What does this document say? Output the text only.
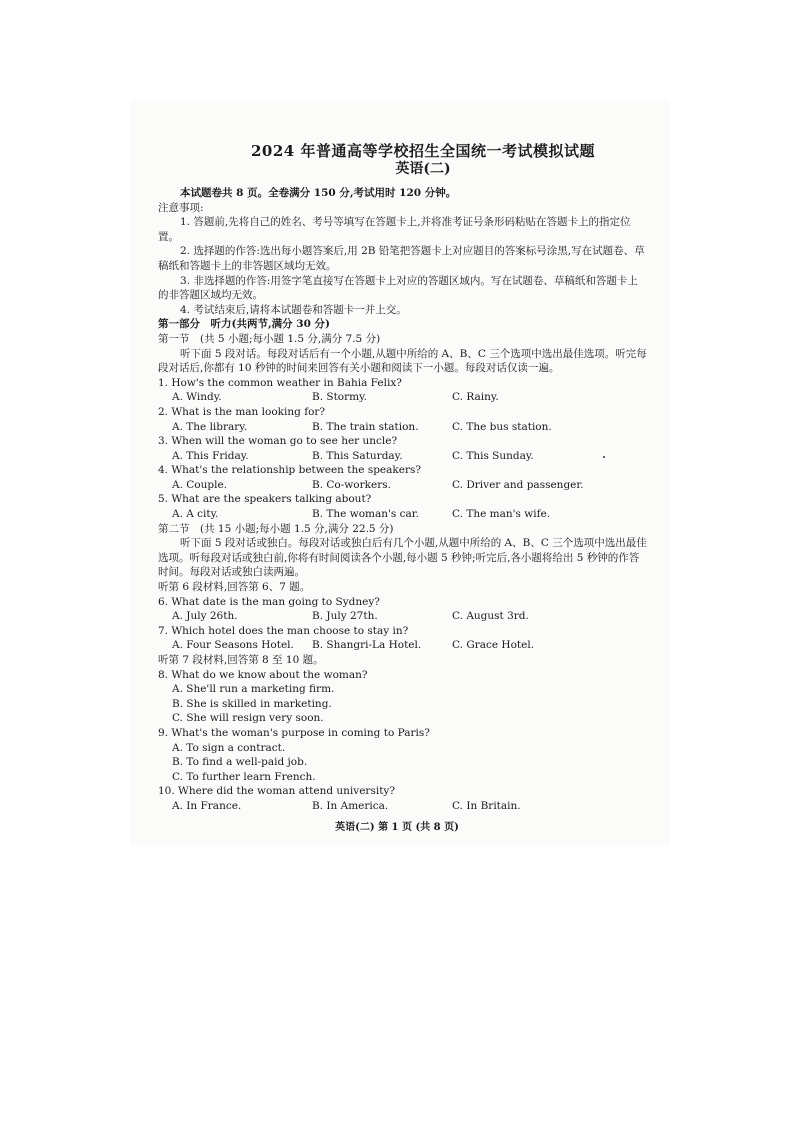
2024 年普通高等学校招生全国统一考试模拟试题
英语(二)

本试题卷共 8 页。全卷满分 150 分,考试用时 120 分钟。

注意事项:

1. 答题前,先将自己的姓名、考号等填写在答题卡上,并将准考证号条形码粘贴在答题卡上的指定位置。

2. 选择题的作答:选出每小题答案后,用 2B 铅笔把答题卡上对应题目的答案标号涂黑,写在试题卷、草稿纸和答题卡上的非答题区域均无效。

3. 非选择题的作答:用签字笔直接写在答题卡上对应的答题区域内。写在试题卷、草稿纸和答题卡上的非答题区域均无效。

4. 考试结束后,请将本试题卷和答题卡一并上交。

第一部分　听力(共两节,满分 30 分)

第一节　(共 5 小题;每小题 1.5 分,满分 7.5 分)

听下面 5 段对话。每段对话后有一个小题,从题中所给的 A、B、C 三个选项中选出最佳选项。听完每段对话后,你都有 10 秒钟的时间来回答有关小题和阅读下一小题。每段对话仅读一遍。

1. How's the common weather in Bahia Felix?

A. Windy.	B. Stormy.	C. Rainy.

2. What is the man looking for?

A. The library.	B. The train station.	C. The bus station.

3. When will the woman go to see her uncle?

A. This Friday.	B. This Saturday.	C. This Sunday.

4. What's the relationship between the speakers?

A. Couple.	B. Co-workers.	C. Driver and passenger.

5. What are the speakers talking about?

A. A city.	B. The woman's car.	C. The man's wife.

第二节　(共 15 小题;每小题 1.5 分,满分 22.5 分)

听下面 5 段对话或独白。每段对话或独白后有几个小题,从题中所给的 A、B、C 三个选项中选出最佳选项。听每段对话或独白前,你将有时间阅读各个小题,每小题 5 秒钟;听完后,各小题将给出 5 秒钟的作答时间。每段对话或独白读两遍。

听第 6 段材料,回答第 6、7 题。

6. What date is the man going to Sydney?

A. July 26th.	B. July 27th.	C. August 3rd.

7. Which hotel does the man choose to stay in?

A. Four Seasons Hotel.	B. Shangri-La Hotel.	C. Grace Hotel.

听第 7 段材料,回答第 8 至 10 题。

8. What do we know about the woman?

A. She'll run a marketing firm.
B. She is skilled in marketing.
C. She will resign very soon.

9. What's the woman's purpose in coming to Paris?

A. To sign a contract.
B. To find a well-paid job.
C. To further learn French.

10. Where did the woman attend university?

A. In France.	B. In America.	C. In Britain.
英语(二) 第 1 页 (共 8 页)
